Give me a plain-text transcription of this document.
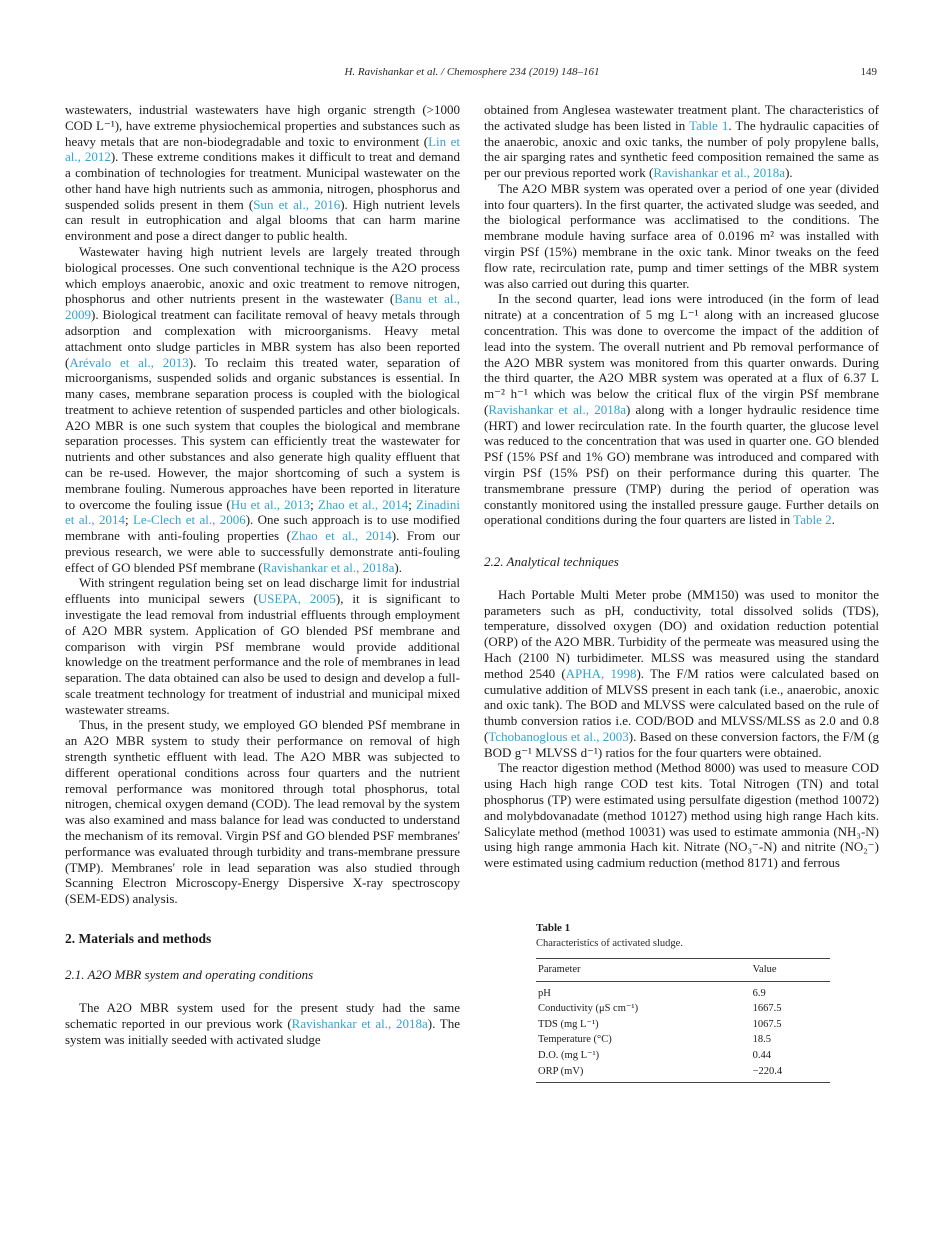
H. Ravishankar et al. / Chemosphere 234 (2019) 148–161	149

wastewaters, industrial wastewaters have high organic strength (>1000 COD L⁻¹), have extreme physiochemical properties and substances such as heavy metals that are non-biodegradable and toxic to environment (Lin et al., 2012). These extreme conditions makes it difficult to treat and demand a combination of technologies for treatment. Municipal wastewater on the other hand have high nutrients such as ammonia, nitrogen, phosphorus and suspended solids present in them (Sun et al., 2016). High nutrient levels can result in eutrophication and algal blooms that can harm marine environment and pose a direct danger to public health.

Wastewater having high nutrient levels are largely treated through biological processes. One such conventional technique is the A2O process which employs anaerobic, anoxic and oxic treatment to remove nitrogen, phosphorus and other nutrients present in the wastewater (Banu et al., 2009). Biological treatment can facilitate removal of heavy metals through adsorption and complexation with microorganisms. Heavy metal attachment onto sludge particles in MBR system has also been reported (Arévalo et al., 2013). To reclaim this treated water, separation of microorganisms, suspended solids and organic substances is essential. In many cases, membrane separation process is coupled with the biological treatment to achieve retention of suspended particles and other biologicals. A2O MBR is one such system that couples the biological and membrane separation processes. This system can efficiently treat the wastewater for nutrients and other substances and also generate high quality effluent that can be re-used. However, the major shortcoming of such a system is membrane fouling. Numerous approaches have been reported in literature to overcome the fouling issue (Hu et al., 2013; Zhao et al., 2014; Zinadini et al., 2014; Le-Clech et al., 2006). One such approach is to use modified membrane with anti-fouling properties (Zhao et al., 2014). From our previous research, we were able to successfully demonstrate anti-fouling effect of GO blended PSf membrane (Ravishankar et al., 2018a).

With stringent regulation being set on lead discharge limit for industrial effluents into municipal sewers (USEPA, 2005), it is significant to investigate the lead removal from industrial effluents through employment of A2O MBR system. Application of GO blended PSf membrane and comparison with virgin PSf membrane would provide additional knowledge on the treatment performance and the role of membranes in lead separation. The data obtained can also be used to design and develop a full-scale treatment technology for treatment of industrial and municipal mixed wastewater streams.

Thus, in the present study, we employed GO blended PSf membrane in an A2O MBR system to study their performance on removal of high strength synthetic effluent with lead. The A2O MBR was subjected to different operational conditions across four quarters and the nutrient removal performance was monitored through total phosphorus, total nitrogen, chemical oxygen demand (COD). The lead removal by the system was also examined and mass balance for lead was conducted to understand the mechanism of its removal. Virgin PSf and GO blended PSF membranes' performance was evaluated through turbidity and trans-membrane pressure (TMP). Membranes' role in lead separation was also studied through Scanning Electron Microscopy-Energy Dispersive X-ray spectroscopy (SEM-EDS) analysis.

2. Materials and methods
2.1. A2O MBR system and operating conditions

The A2O MBR system used for the present study had the same schematic reported in our previous work (Ravishankar et al., 2018a). The system was initially seeded with activated sludge

obtained from Anglesea wastewater treatment plant. The characteristics of the activated sludge has been listed in Table 1. The hydraulic capacities of the anaerobic, anoxic and oxic tanks, the number of poly propylene balls, the air sparging rates and synthetic feed composition remained the same as per our previous reported work (Ravishankar et al., 2018a).

The A2O MBR system was operated over a period of one year (divided into four quarters). In the first quarter, the activated sludge was seeded, and the biological performance was acclimatised to the conditions. The membrane module having surface area of 0.0196 m² was installed with virgin PSf (15%) membrane in the oxic tank. Minor tweaks on the feed flow rate, recirculation rate, pump and timer settings of the MBR system was also carried out during this quarter.

In the second quarter, lead ions were introduced (in the form of lead nitrate) at a concentration of 5 mg L⁻¹ along with an increased glucose concentration. This was done to overcome the impact of the addition of lead into the system. The overall nutrient and Pb removal performance of the A2O MBR system was monitored from this quarter onwards. During the third quarter, the A2O MBR system was operated at a flux of 6.37 L m⁻² h⁻¹ which was below the critical flux of the virgin PSf membrane (Ravishankar et al., 2018a) along with a longer hydraulic residence time (HRT) and lower recirculation rate. In the fourth quarter, the glucose level was reduced to the concentration that was used in quarter one. GO blended PSf (15% PSf and 1% GO) membrane was introduced and compared with virgin PSf (15% PSf) on their performance during this quarter. The transmembrane pressure (TMP) during the period of operation was constantly monitored using the installed pressure gauge. Further details on operational conditions during the four quarters are listed in Table 2.

2.2. Analytical techniques

Hach Portable Multi Meter probe (MM150) was used to monitor the parameters such as pH, conductivity, total dissolved solids (TDS), temperature, dissolved oxygen (DO) and oxidation reduction potential (ORP) of the A2O MBR. Turbidity of the permeate was measured using the Hach (2100 N) turbidimeter. MLSS was measured using the standard method 2540 (APHA, 1998). The F/M ratios were calculated based on cumulative addition of MLVSS present in each tank (i.e., anaerobic, anoxic and oxic tank). The BOD and MLVSS were calculated based on the rule of thumb conversion ratios i.e. COD/BOD and MLVSS/MLSS as 2.0 and 0.8 (Tchobanoglous et al., 2003). Based on these conversion factors, the F/M (g BOD g⁻¹ MLVSS d⁻¹) ratios for the four quarters were obtained.

The reactor digestion method (Method 8000) was used to measure COD using Hach high range COD test kits. Total Nitrogen (TN) and total phosphorus (TP) were estimated using persulfate digestion (method 10072) and molybdovanadate (method 10127) method using high range Hach kits. Salicylate method (method 10031) was used to estimate ammonia (NH₃-N) using high range ammonia Hach kit. Nitrate (NO₃⁻-N) and nitrite (NO₂⁻) were estimated using cadmium reduction (method 8171) and ferrous

Table 1
Characteristics of activated sludge.
Parameter	Value
pH	6.9
Conductivity (μS cm⁻¹)	1667.5
TDS (mg L⁻¹)	1067.5
Temperature (°C)	18.5
D.O. (mg L⁻¹)	0.44
ORP (mV)	−220.4
